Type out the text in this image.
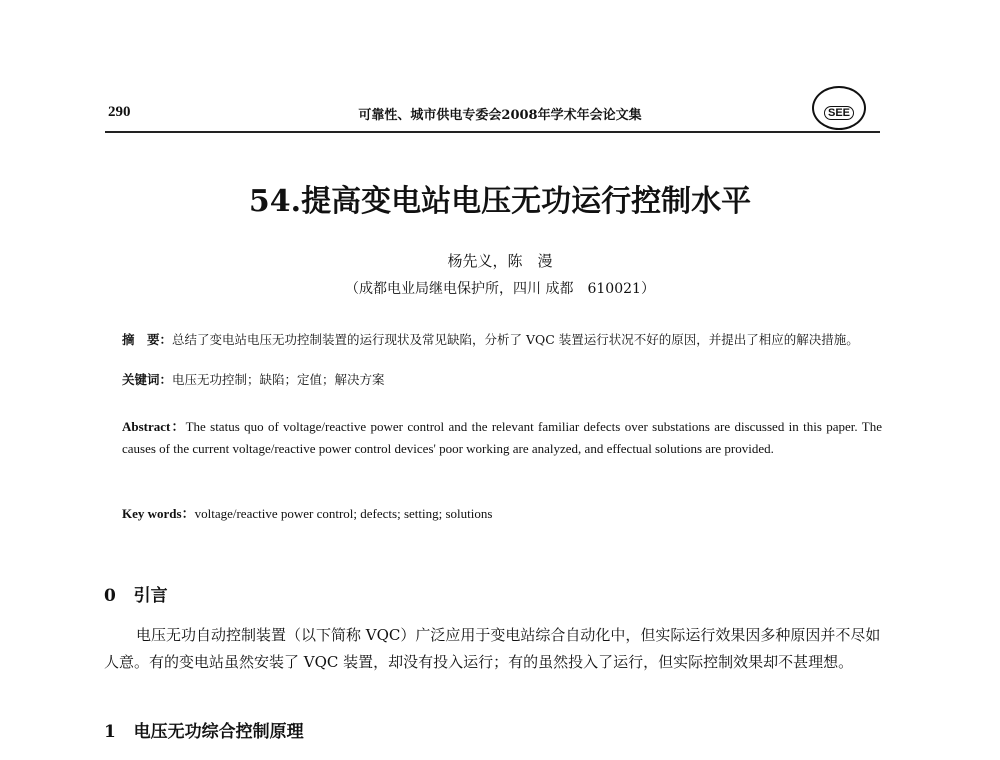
290	可靠性、城市供电专委会2008年学术年会论文集	SEE
54.提高变电站电压无功运行控制水平
杨先义，陈　漫
（成都电业局继电保护所，四川 成都　610021）
摘　要：总结了变电站电压无功控制装置的运行现状及常见缺陷，分析了 VQC 装置运行状况不好的原因，并提出了相应的解决措施。
关键词：电压无功控制；缺陷；定值；解决方案
Abstract：The status quo of voltage/reactive power control and the relevant familiar defects over substations are discussed in this paper. The causes of the current voltage/reactive power control devices' poor working are analyzed, and effectual solutions are provided.
Key words：voltage/reactive power control; defects; setting; solutions
0 引言
电压无功自动控制装置（以下简称 VQC）广泛应用于变电站综合自动化中，但实际运行效果因多种原因并不尽如人意。有的变电站虽然安装了 VQC 装置，却没有投入运行；有的虽然投入了运行，但实际控制效果却不甚理想。
1 电压无功综合控制原理
